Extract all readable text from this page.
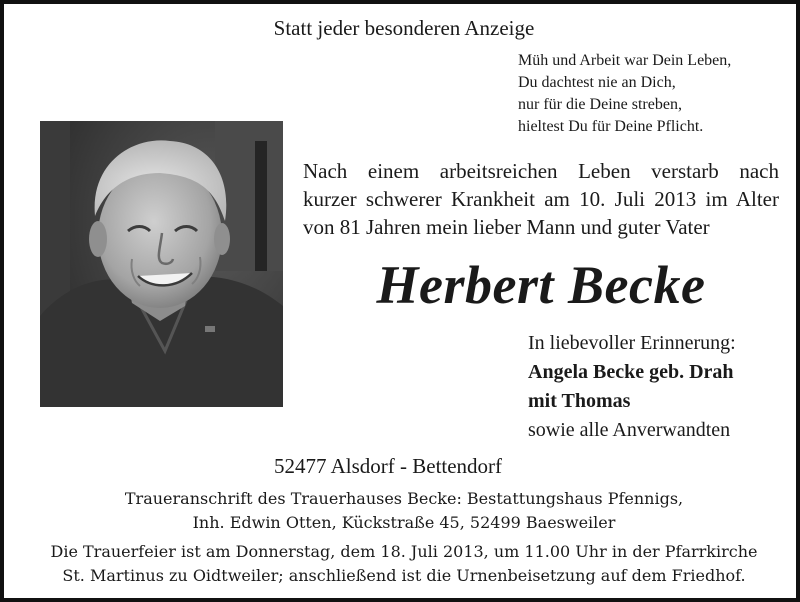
Statt jeder besonderen Anzeige
Müh und Arbeit war Dein Leben,
Du dachtest nie an Dich,
nur für die Deine streben,
hieltest Du für Deine Pflicht.
Nach einem arbeitsreichen Leben verstarb nach
kurzer schwerer Krankheit am 10. Juli 2013 im Alter
von 81 Jahren mein lieber Mann und guter Vater
Herbert Becke
In liebevoller Erinnerung:
Angela Becke geb. Drah
mit Thomas
sowie alle Anverwandten
52477 Alsdorf - Bettendorf
Traueranschrift des Trauerhauses Becke: Bestattungshaus Pfennigs,
Inh. Edwin Otten, Kückstraße 45, 52499 Baesweiler
Die Trauerfeier ist am Donnerstag, dem 18. Juli 2013, um 11.00 Uhr in der Pfarrkirche
St. Martinus zu Oidtweiler; anschließend ist die Urnenbeisetzung auf dem Friedhof.
